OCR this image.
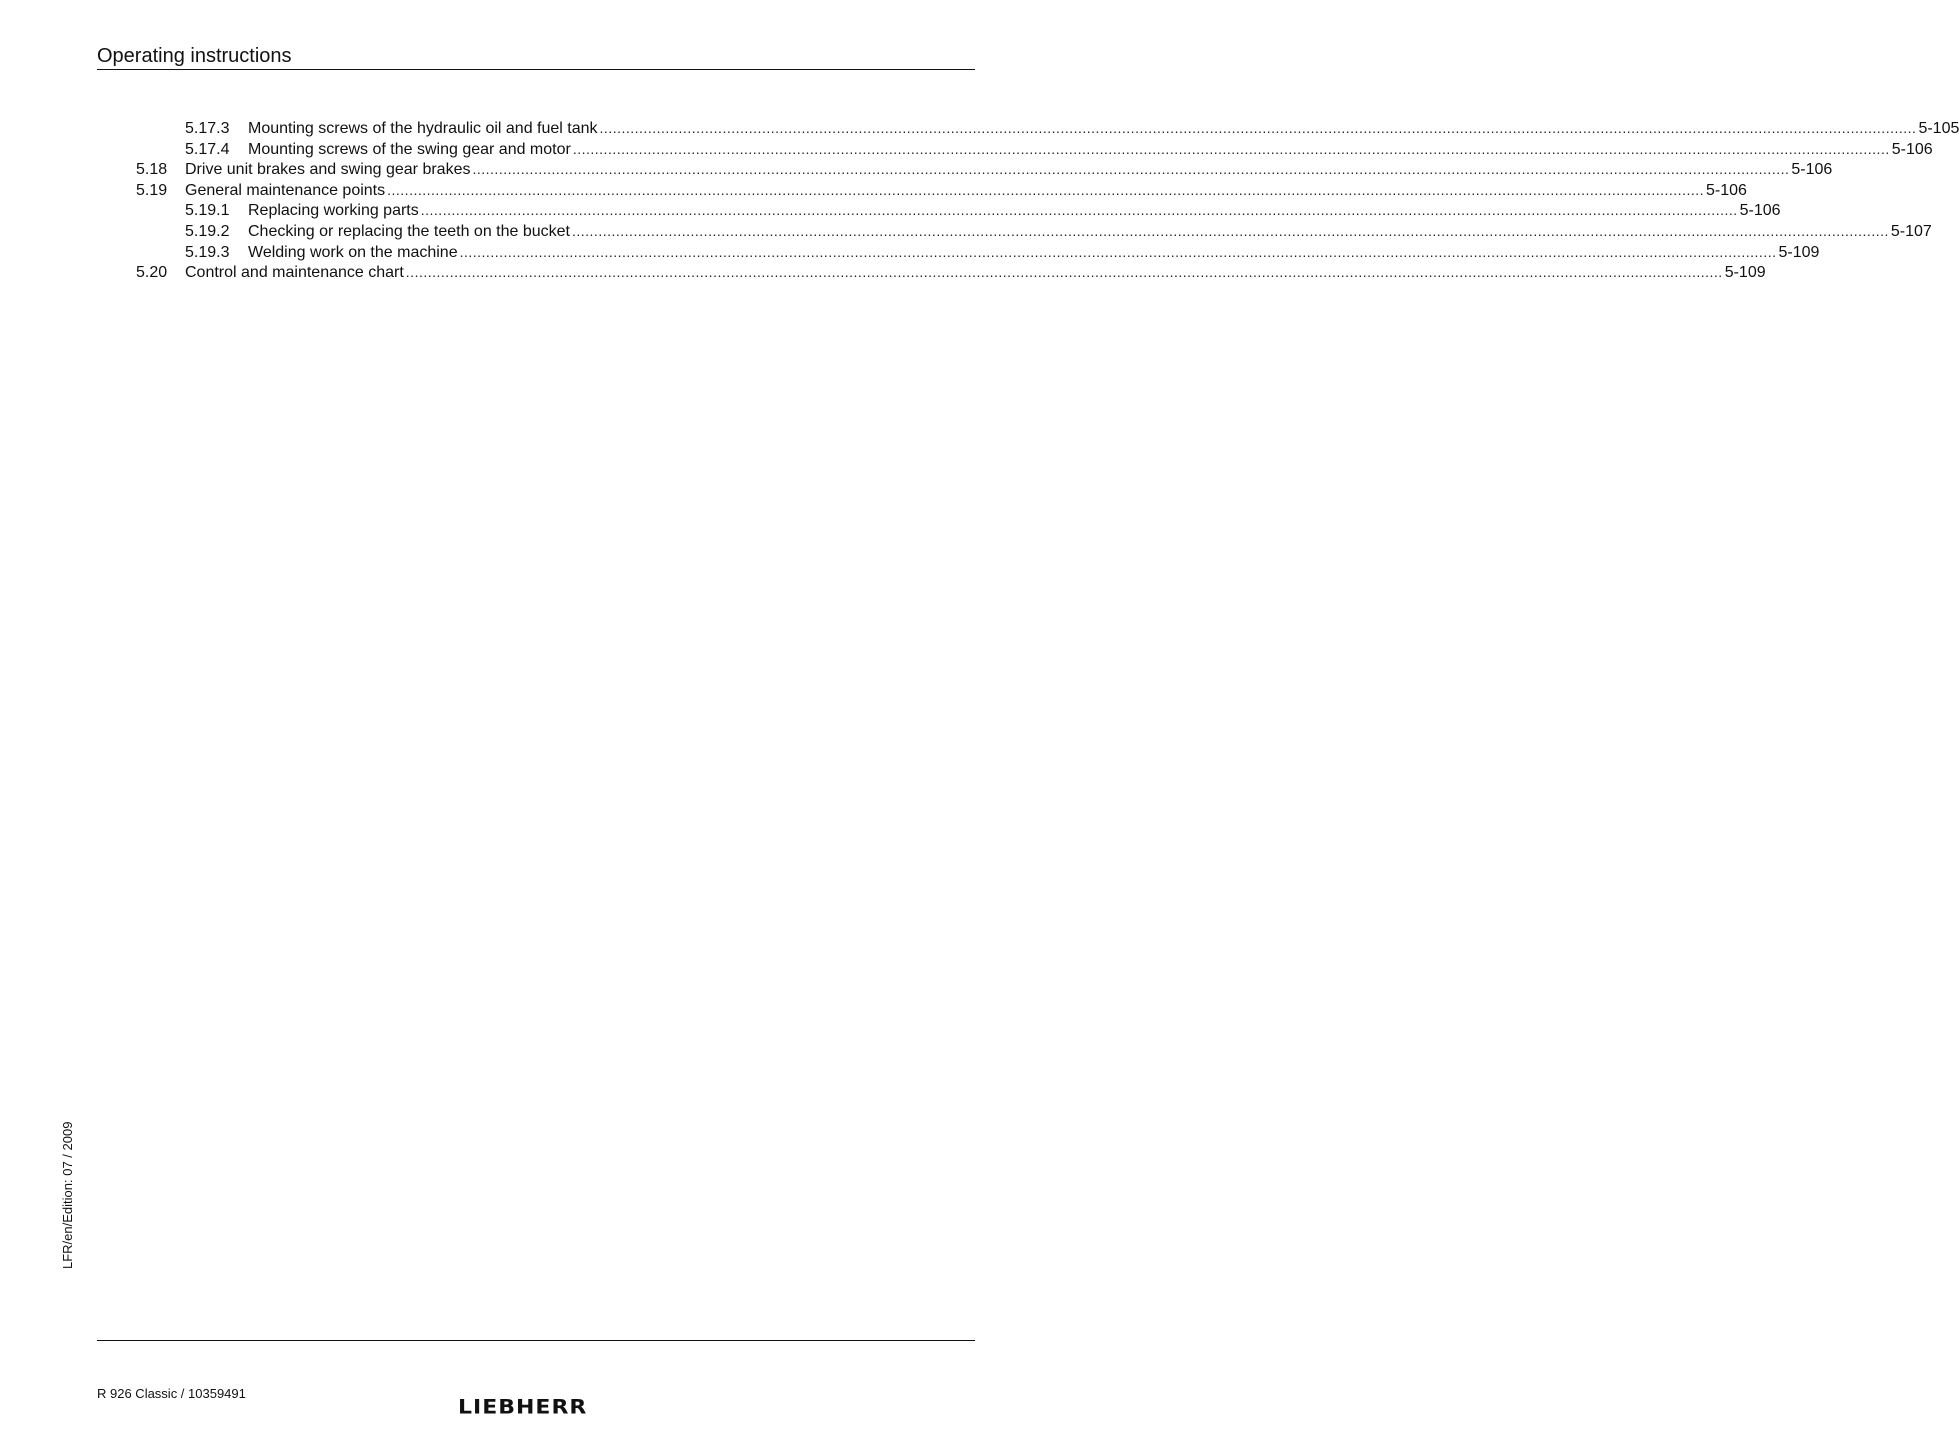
Operating instructions
5.17.3	Mounting screws of the hydraulic oil and fuel tank ............................................................................................................................................................................................................................................................................................................ 5-105
5.17.4	Mounting screws of the swing gear and motor ............................................................................................................................................................................................................................................................................................................ 5-106
5.18	Drive unit brakes and swing gear brakes ............................................................................................................................................................................................................................................................................................................ 5-106
5.19	General maintenance points ............................................................................................................................................................................................................................................................................................................ 5-106
5.19.1	Replacing working parts ............................................................................................................................................................................................................................................................................................................ 5-106
5.19.2	Checking or replacing the teeth on the bucket ............................................................................................................................................................................................................................................................................................................ 5-107
5.19.3	Welding work on the machine ............................................................................................................................................................................................................................................................................................................ 5-109
5.20	Control and maintenance chart ............................................................................................................................................................................................................................................................................................................ 5-109
LFR/en/Edition: 07 / 2009
R 926 Classic / 10359491
LIEBHERR
